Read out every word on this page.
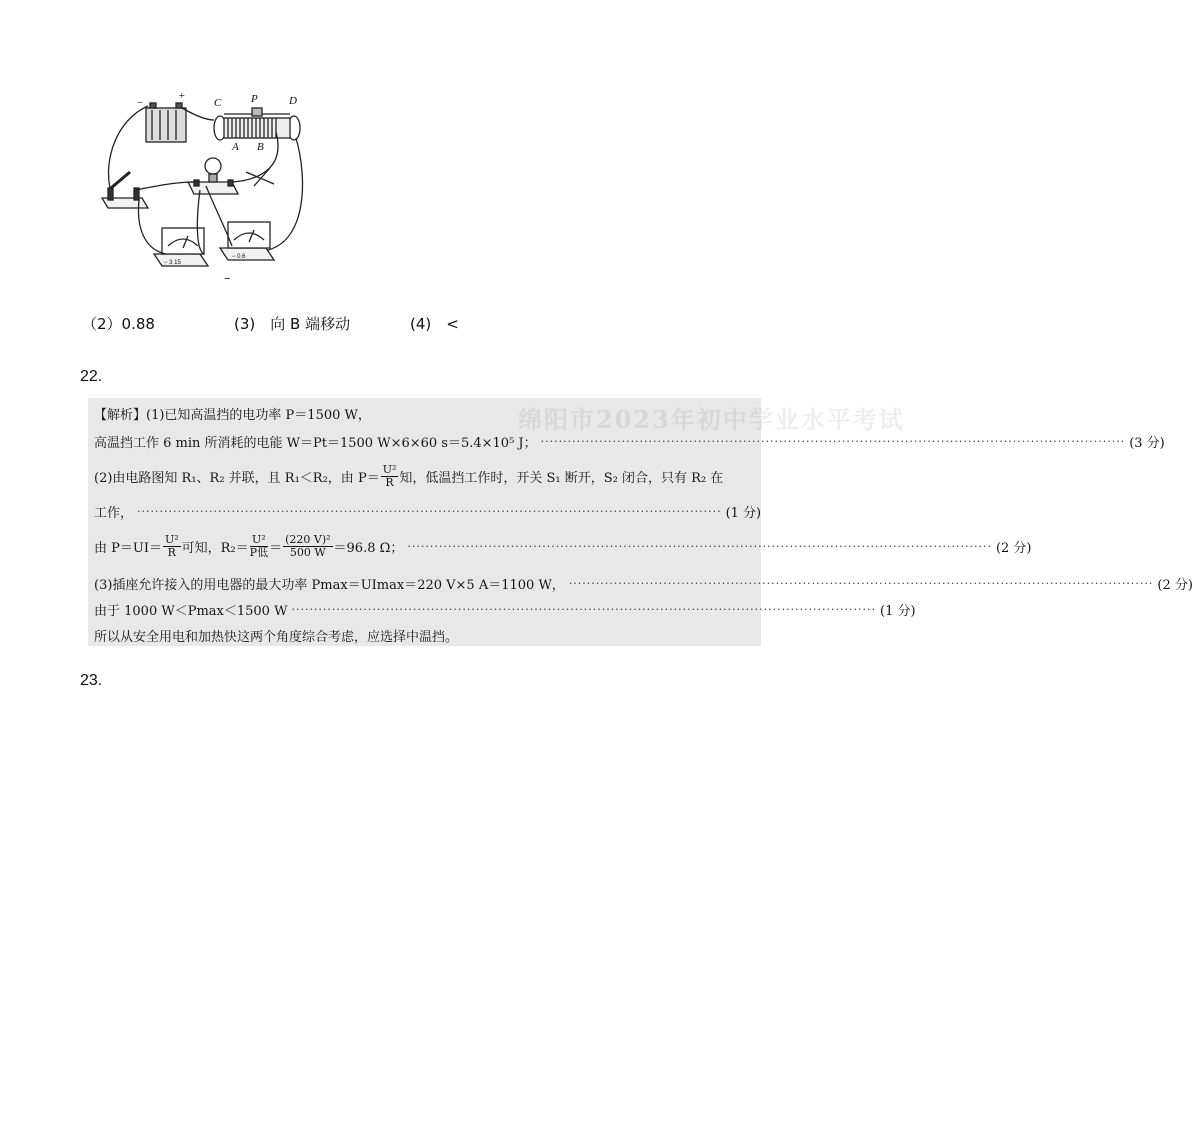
−
+
C	P	D
A B
− 3 15
− 0.6
−
（2）0.88	(3)　向 B 端移动	(4)　<
22.
绵阳市2023年初中学业水平考试
【解析】(1)已知高温挡的电功率 P＝1500 W，
高温挡工作 6 min 所消耗的电能 W＝Pt＝1500 W×6×60 s＝5.4×10⁵ J； ·····	(3 分)
(2)由电路图知 R₁、R₂ 并联，且 R₁＜R₂，由 $P= \frac{\text{U²}}{R}$ 知，低温挡工作时，开关 S₁ 断开，S₂ 闭合，只有 R₂ 在
工作， ·····	(1 分)
由 $P=UI= \frac{\text{U²}}{R}$ 可知，$R_2= \frac{\text{U²}}{\text{P低}} = \frac{\text{(220 V)²}}{500 W} =96.8$ Ω； ·····	(2 分)
(3)插座允许接入的用电器的最大功率 Pmax＝UImax＝220 V×5 A＝1100 W， ·····	(2 分)
由于 1000 W＜Pmax＜1500 W ·····	(1 分)
所以从安全用电和加热快这两个角度综合考虑，应选择中温挡。
23.
